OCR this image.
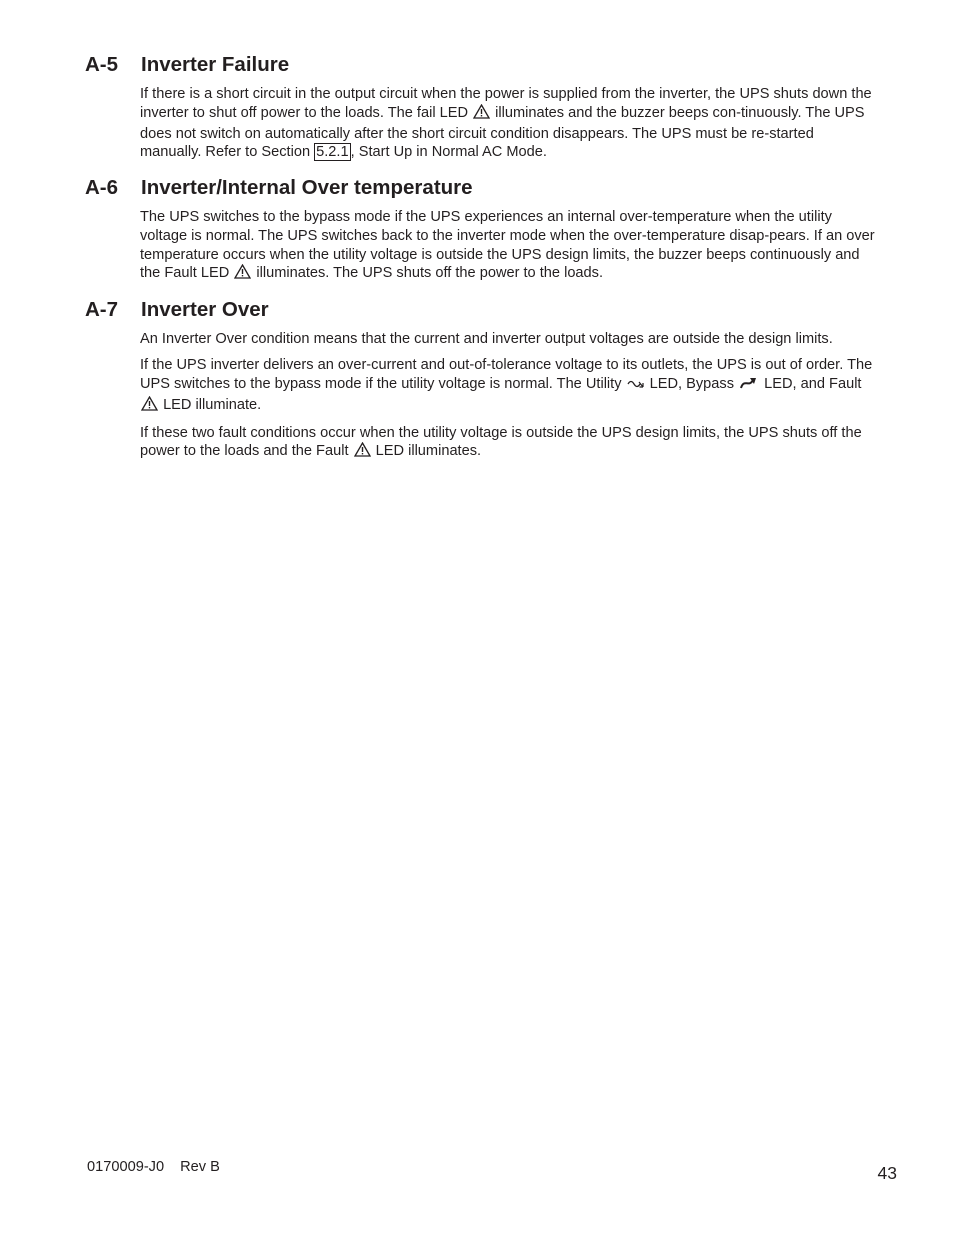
A-5	Inverter Failure

If there is a short circuit in the output circuit when the power is supplied from the inverter, the UPS shuts down the inverter to shut off power to the loads. The fail LED illuminates and the buzzer beeps con-tinuously. The UPS does not switch on automatically after the short circuit condition disappears. The UPS must be re-started manually. Refer to Section 5.2.1 , Start Up in Normal AC Mode.

A-6	Inverter/Internal Over temperature

The UPS switches to the bypass mode if the UPS experiences an internal over-temperature when the utility voltage is normal. The UPS switches back to the inverter mode when the over-temperature disap-pears. If an over temperature occurs when the utility voltage is outside the UPS design limits, the buzzer beeps continuously and the Fault LED illuminates. The UPS shuts off the power to the loads.

A-7	Inverter Over

An Inverter Over condition means that the current and inverter output voltages are outside the design limits.

If the UPS inverter delivers an over-current and out-of-tolerance voltage to its outlets, the UPS is out of order. The UPS switches to the bypass mode if the utility voltage is normal. The Utility LED, Bypass LED, and Fault  LED illuminate.

If these two fault conditions occur when the utility voltage is outside the UPS design limits, the UPS shuts off the power to the loads and the Fault LED illuminates.

0170009-J0 Rev B	43
